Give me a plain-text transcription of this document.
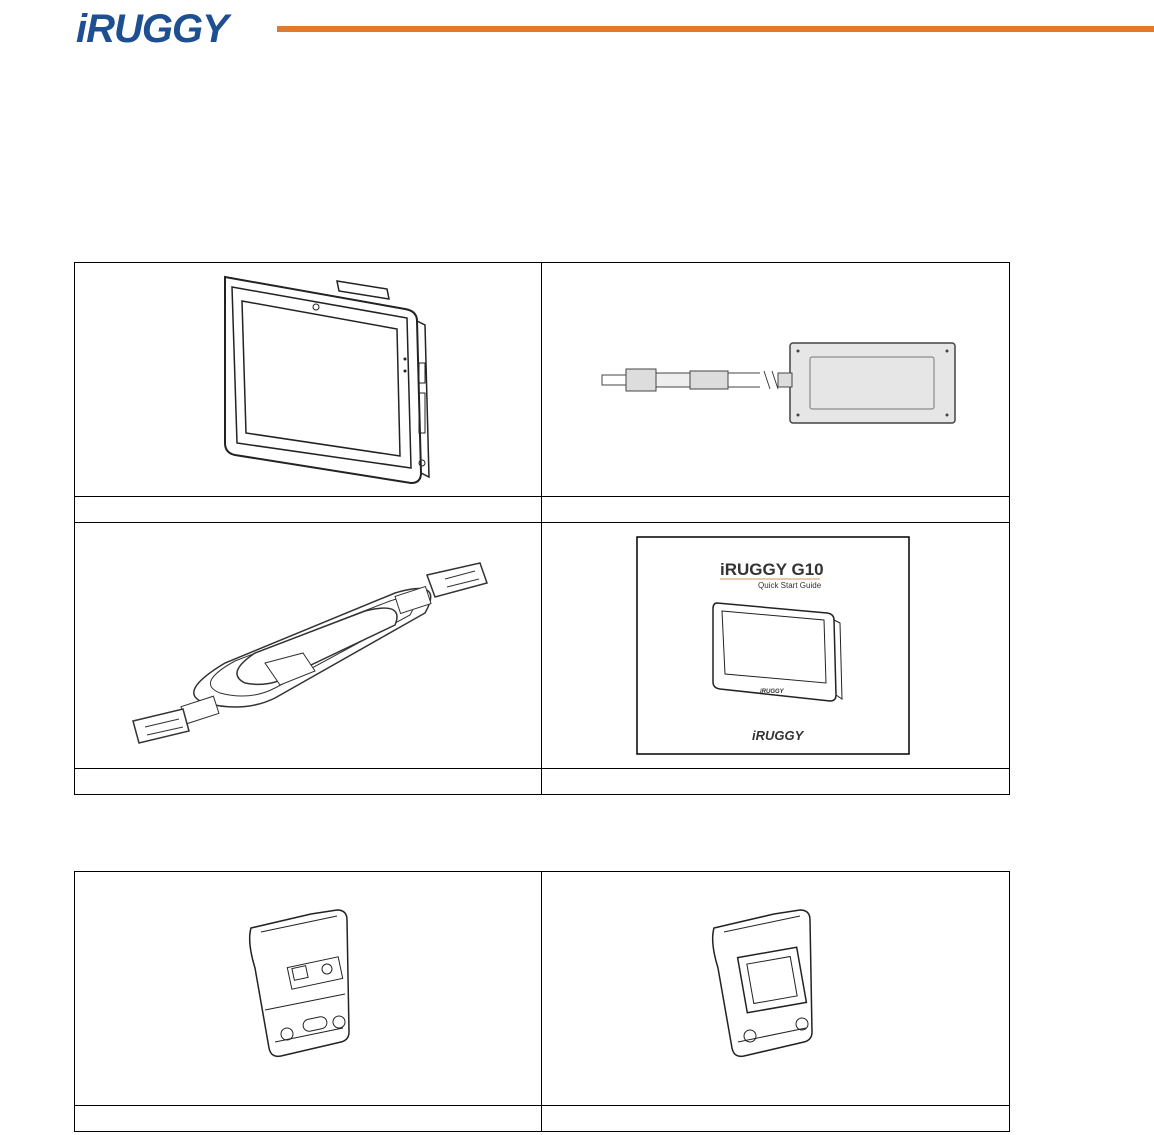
iRUGGY

iRUGGY G10
Quick Start Guide
iRUGGY
iRUGGY
